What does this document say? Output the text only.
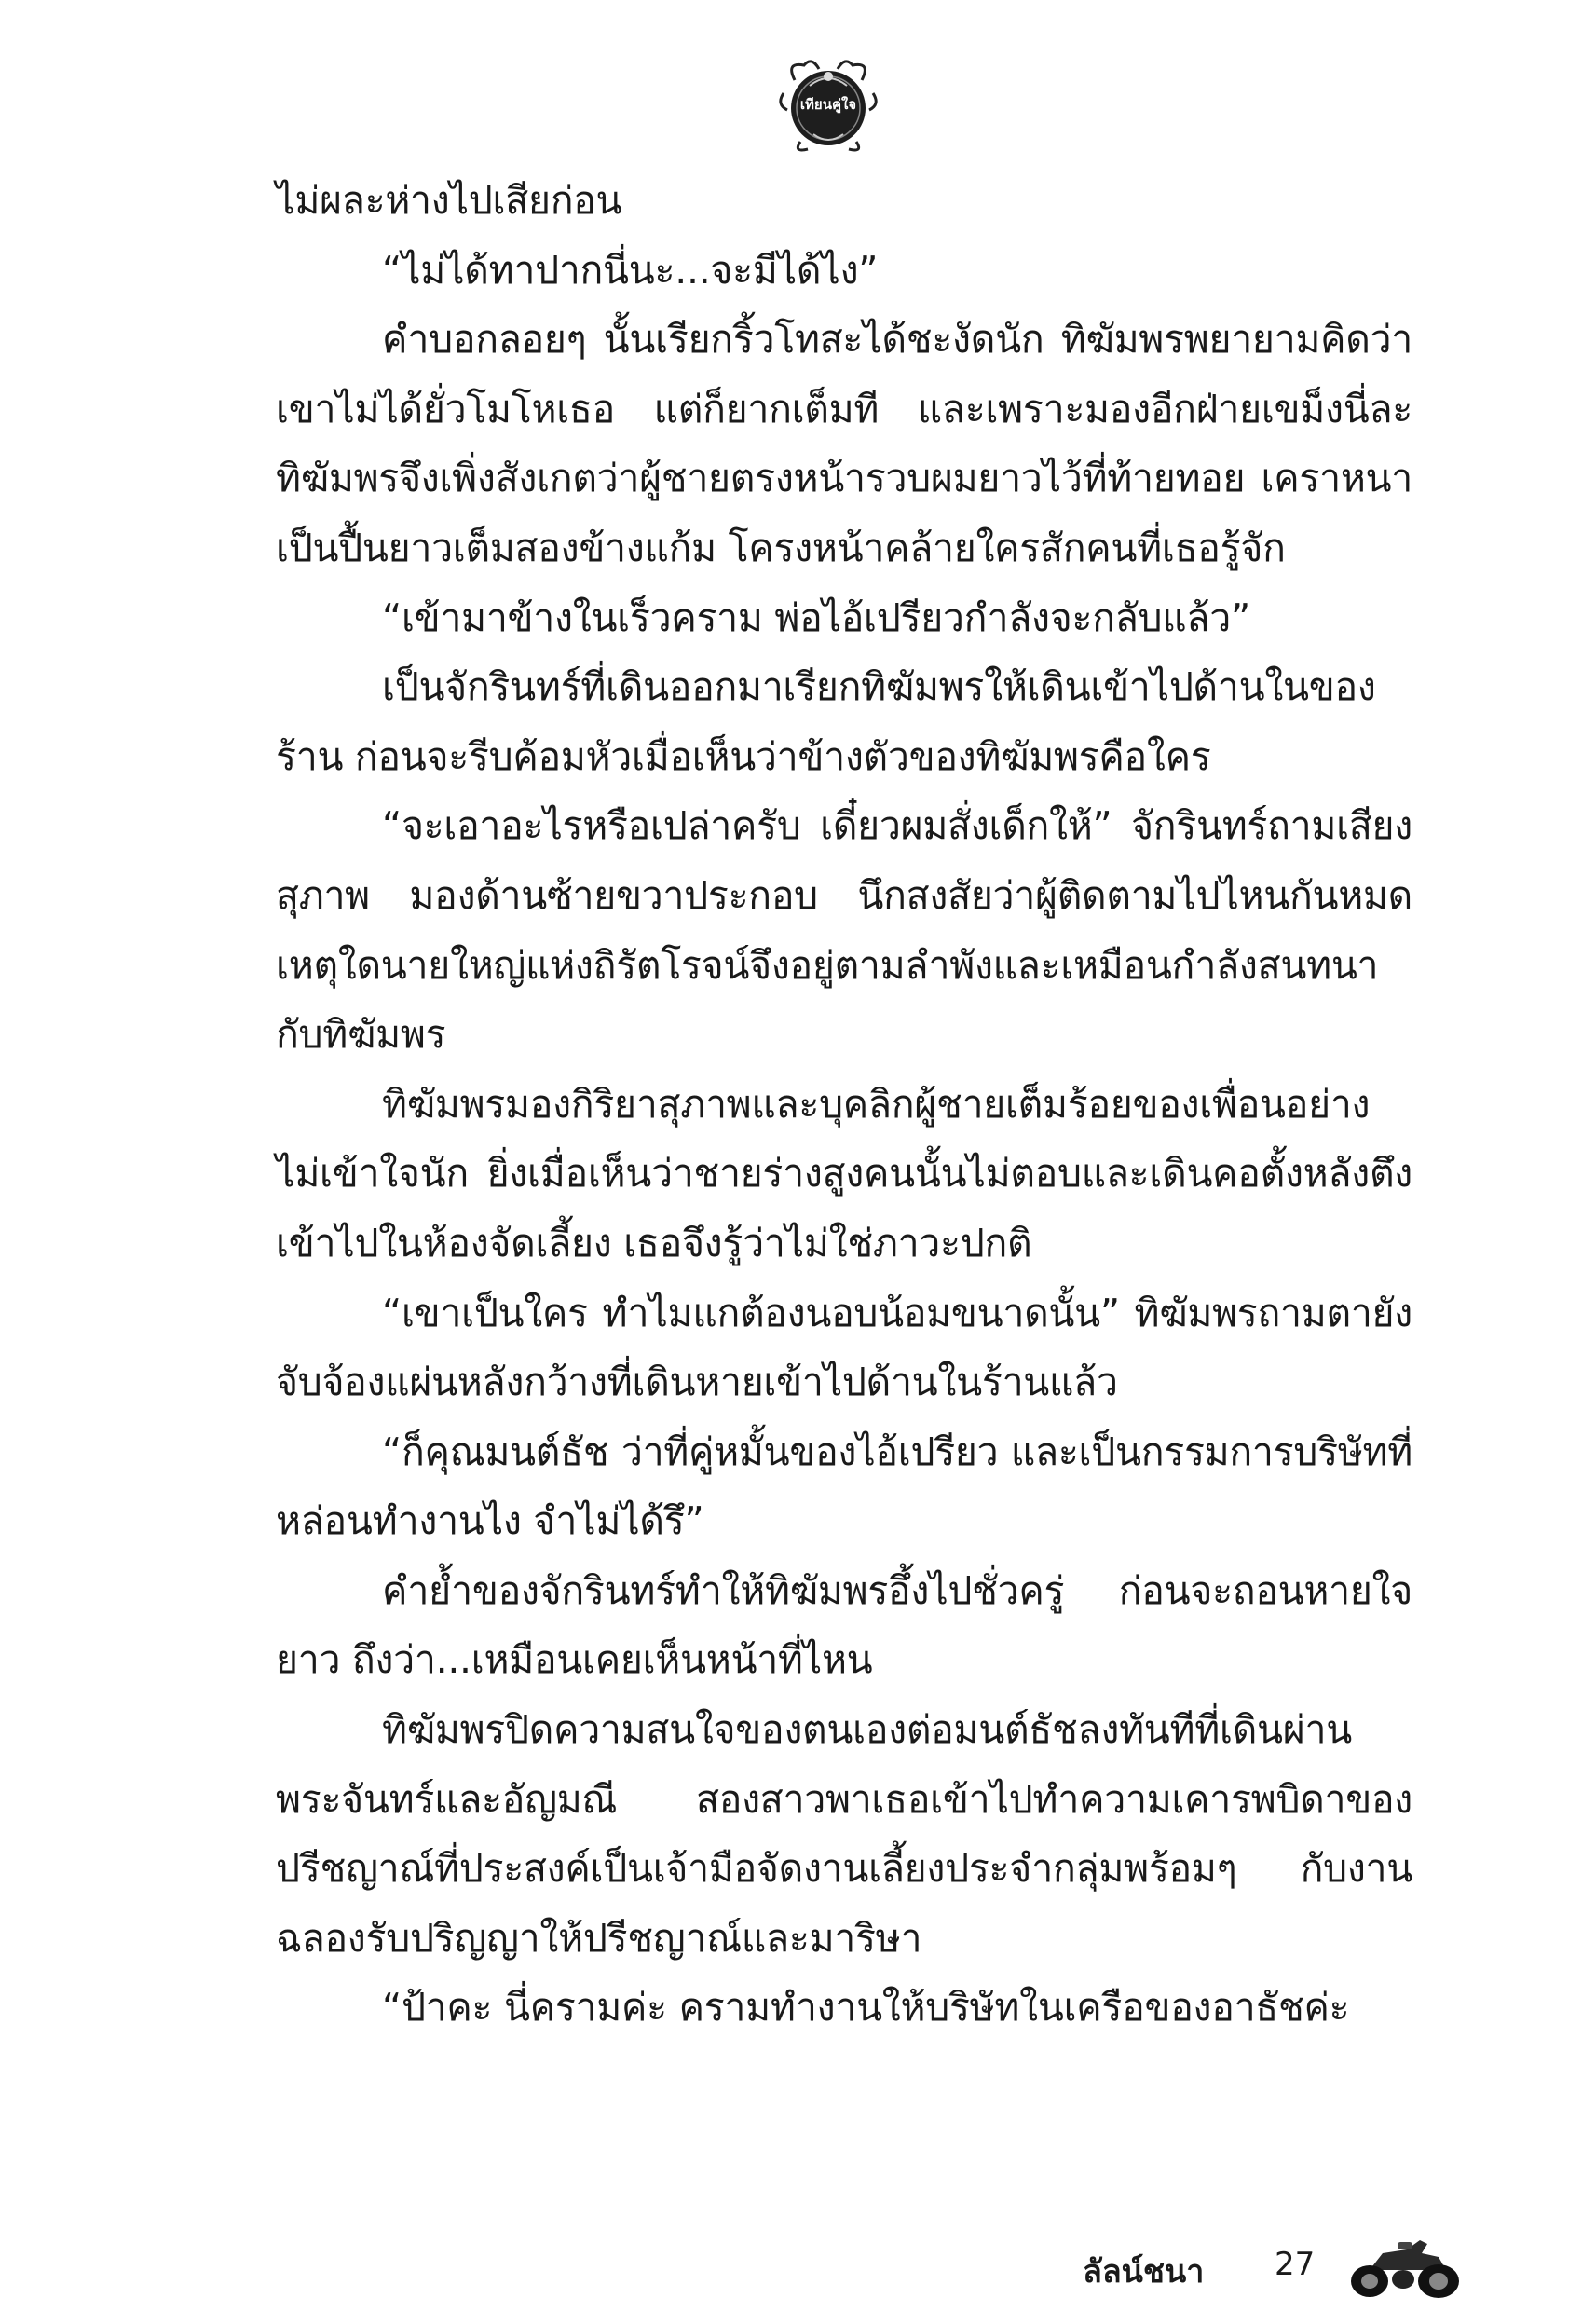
เทียนคู่ใจ

ไม่ผละห่างไปเสียก่อน

“ไม่ได้ทาปากนี่นะ...จะมีได้ไง”

คำบอกลอยๆ นั้นเรียกริ้วโทสะได้ชะงัดนัก ทิฆัมพรพยายามคิดว่าเขาไม่ได้ยั่วโมโหเธอ แต่ก็ยากเต็มที และเพราะมองอีกฝ่ายเขม็งนี่ละ ทิฆัมพรจึงเพิ่งสังเกตว่าผู้ชายตรงหน้ารวบผมยาวไว้ที่ท้ายทอย เคราหนาเป็นปื้นยาวเต็มสองข้างแก้ม โครงหน้าคล้ายใครสักคนที่เธอรู้จัก

“เข้ามาข้างในเร็วคราม พ่อไอ้เปรียวกำลังจะกลับแล้ว”

เป็นจักรินทร์ที่เดินออกมาเรียกทิฆัมพรให้เดินเข้าไปด้านในของร้าน ก่อนจะรีบค้อมหัวเมื่อเห็นว่าข้างตัวของทิฆัมพรคือใคร

“จะเอาอะไรหรือเปล่าครับ เดี๋ยวผมสั่งเด็กให้” จักรินทร์ถามเสียงสุภาพ มองด้านซ้ายขวาประกอบ นึกสงสัยว่าผู้ติดตามไปไหนกันหมด เหตุใดนายใหญ่แห่งถิรัตโรจน์จึงอยู่ตามลำพังและเหมือนกำลังสนทนากับทิฆัมพร

ทิฆัมพรมองกิริยาสุภาพและบุคลิกผู้ชายเต็มร้อยของเพื่อนอย่างไม่เข้าใจนัก ยิ่งเมื่อเห็นว่าชายร่างสูงคนนั้นไม่ตอบและเดินคอตั้งหลังตึงเข้าไปในห้องจัดเลี้ยง เธอจึงรู้ว่าไม่ใช่ภาวะปกติ

“เขาเป็นใคร ทำไมแกต้องนอบน้อมขนาดนั้น” ทิฆัมพรถามตายังจับจ้องแผ่นหลังกว้างที่เดินหายเข้าไปด้านในร้านแล้ว

“ก็คุณมนต์ธัช ว่าที่คู่หมั้นของไอ้เปรียว และเป็นกรรมการบริษัทที่หล่อนทำงานไง จำไม่ได้รึ”

คำย้ำของจักรินทร์ทำให้ทิฆัมพรอึ้งไปชั่วครู่ ก่อนจะถอนหายใจยาว ถึงว่า...เหมือนเคยเห็นหน้าที่ไหน

ทิฆัมพรปิดความสนใจของตนเองต่อมนต์ธัชลงทันทีที่เดินผ่านพระจันทร์และอัญมณี สองสาวพาเธอเข้าไปทำความเคารพบิดาของปรีชญาณ์ที่ประสงค์เป็นเจ้ามือจัดงานเลี้ยงประจำกลุ่มพร้อมๆ กับงานฉลองรับปริญญาให้ปรีชญาณ์และมาริษา

“ป้าคะ นี่ครามค่ะ ครามทำงานให้บริษัทในเครือของอาธัชค่ะ

ลัลน์ชนา 27
